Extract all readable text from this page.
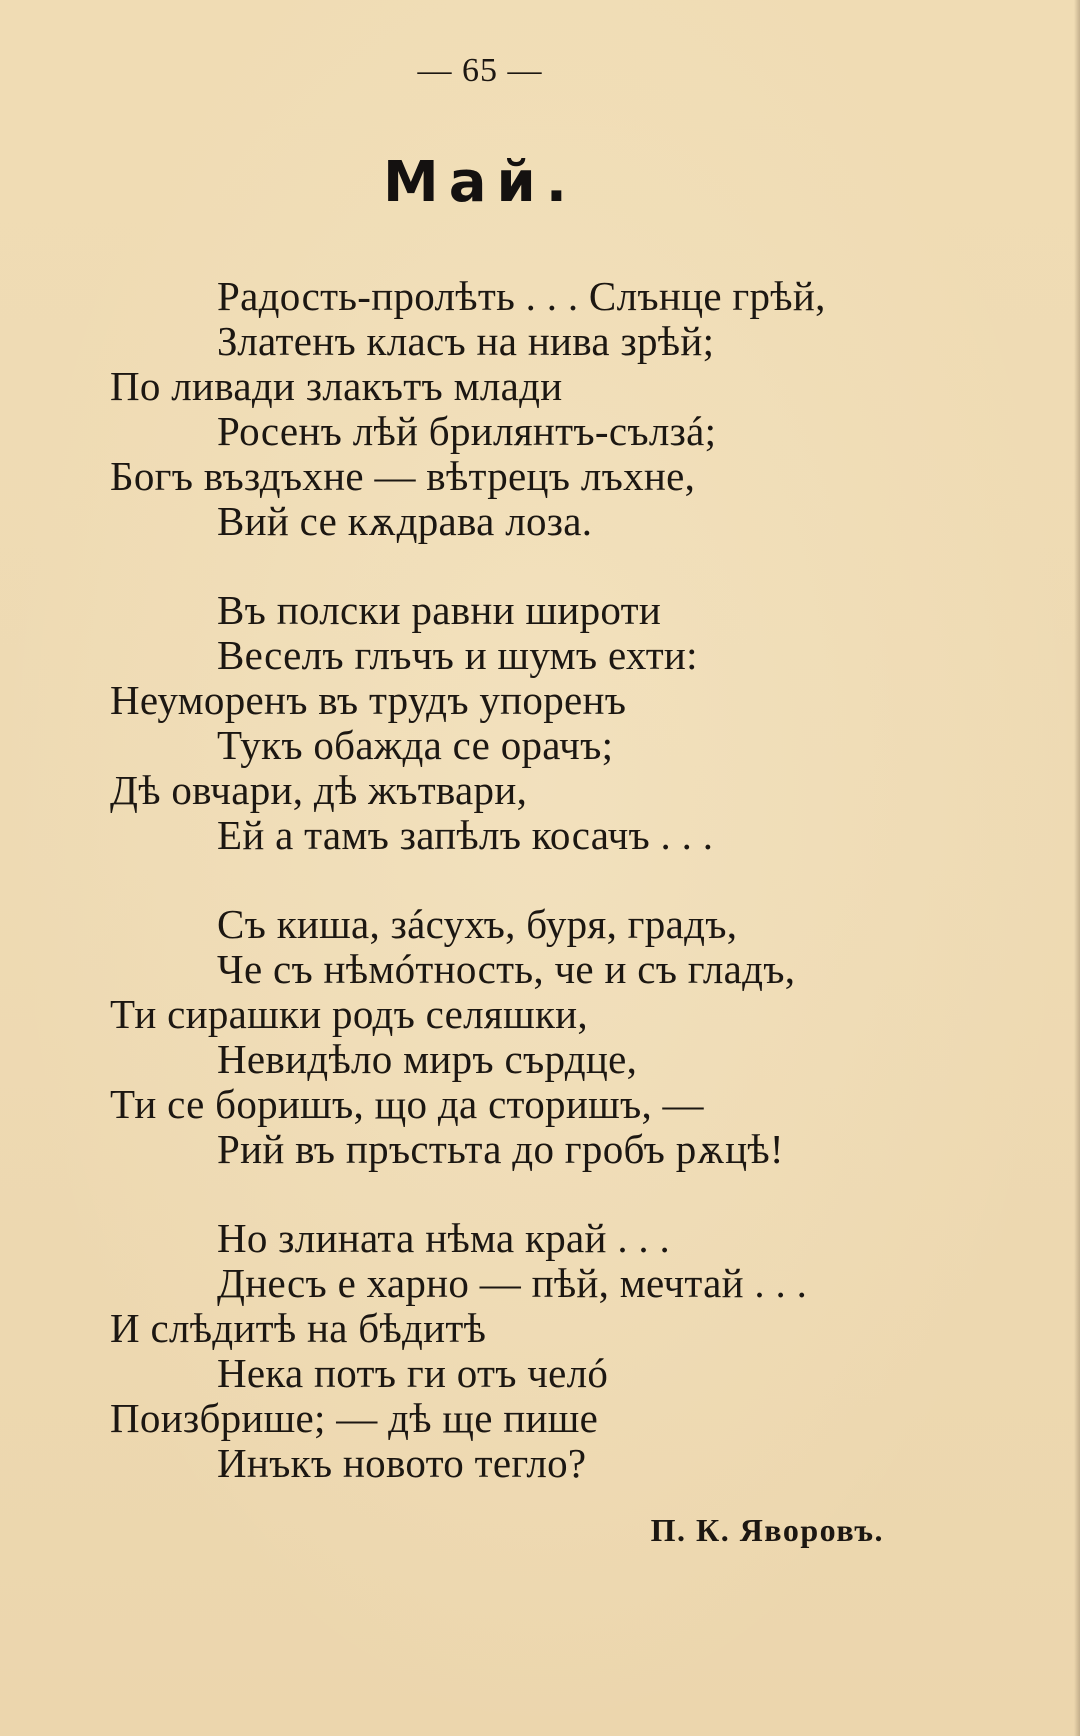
— 65 —
Май.
Радость-пролѣть . . . Слънце грѣй,
Златенъ класъ на нива зрѣй;
По ливади злакътъ млади
Росенъ лѣй брилянтъ-сълзá;
Богъ въздъхне — вѣтрецъ лъхне,
Вий се кѫдрава лоза.
Въ полски равни широти
Веселъ глъчъ и шумъ ехти:
Неуморенъ въ трудъ упоренъ
Тукъ обажда се орачъ;
Дѣ овчари, дѣ жътвари,
Ей а тамъ запѣлъ косачъ . . .
Съ киша, зáсухъ, буря, градъ,
Че съ нѣмóтность, че и съ гладъ,
Ти сирашки родъ селяшки,
Невидѣло миръ сърдце,
Ти се боришъ, що да сторишъ, —
Рий въ пръстьта до гробъ рѫцѣ!
Но злината нѣма край . . .
Днесъ е харно — пѣй, мечтай . . .
И слѣдитѣ на бѣдитѣ
Нека потъ ги отъ челó
Поизбрише; — дѣ ще пише
Инъкъ новото тегло?
П. К. Яворовъ.
